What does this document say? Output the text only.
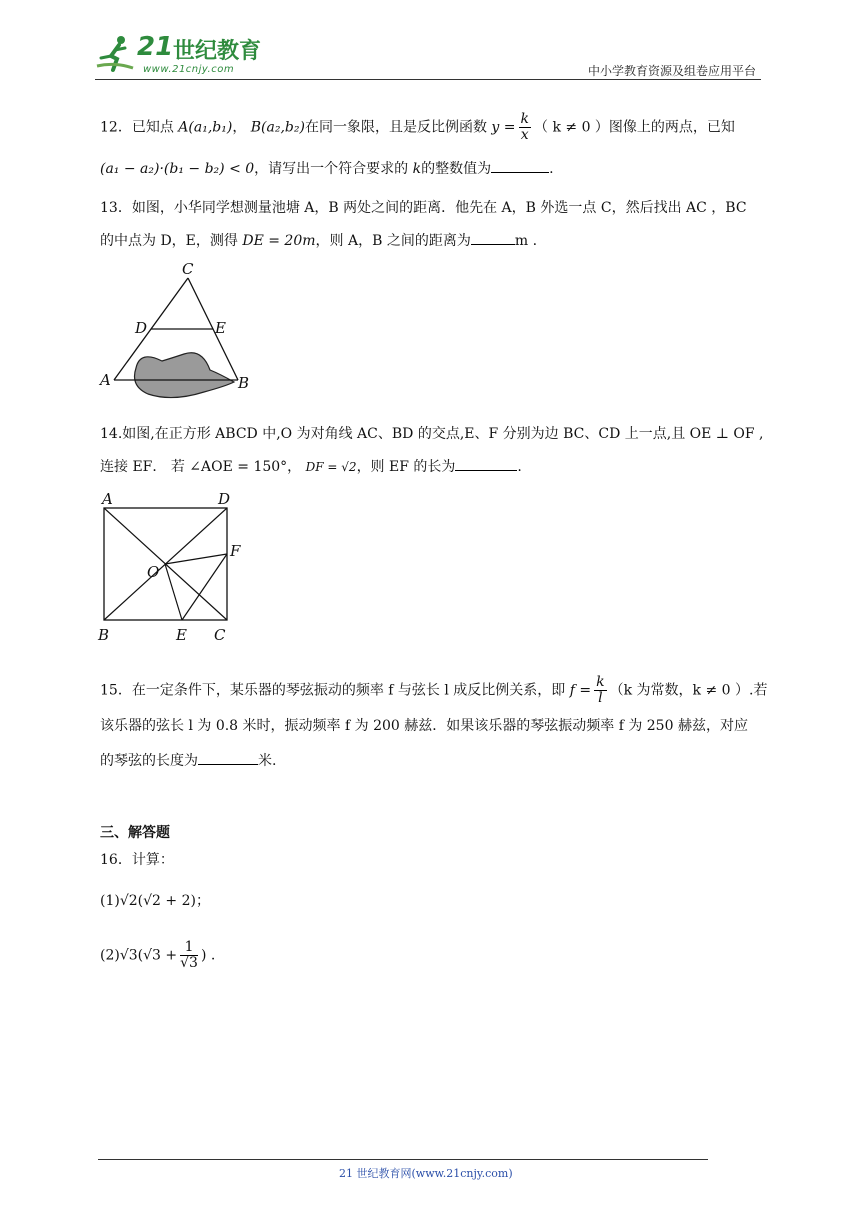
21 世纪教育
www.21cnjy.com	中小学教育资源及组卷应用平台
12．已知点 A(a₁,b₁)， B(a₂,b₂)在同一象限，且是反比例函数 $y = \frac{k}{x}$ （ k ≠ 0 ）图像上的两点，已知
(a₁ − a₂)·(b₁ − b₂) < 0，请写出一个符合要求的 k的整数值为	.
13．如图，小华同学想测量池塘 A，B 两处之间的距离．他先在 A，B 外选一点 C，然后找出 AC ，BC
的中点为 D，E，测得 DE = 20m，则 A，B 之间的距离为	m .
C
D	E
A	B
14.如图,在正方形 ABCD 中,O 为对角线 AC、BD 的交点,E、F 分别为边 BC、CD 上一点,且 OE ⊥ OF ,
连接 EF． 若 ∠AOE = 150°， DF = √2，则 EF 的长为	.
A	D
F
O
B	E C
15．在一定条件下，某乐器的琴弦振动的频率 f 与弦长 l 成反比例关系，即 $f = \frac{k}{l} (k$ 为常数，k ≠ 0 ）.若
该乐器的弦长 l 为 0.8 米时，振动频率 f 为 200 赫兹．如果该乐器的琴弦振动频率 f 为 250 赫兹，对应
的琴弦的长度为	米.
三、解答题
16．计算：
(1)√2(√2 + 2)；
$(2)√3(√3 + \frac{1}{√3}$ ) .
21 世纪教育网(www.21cnjy.com)
